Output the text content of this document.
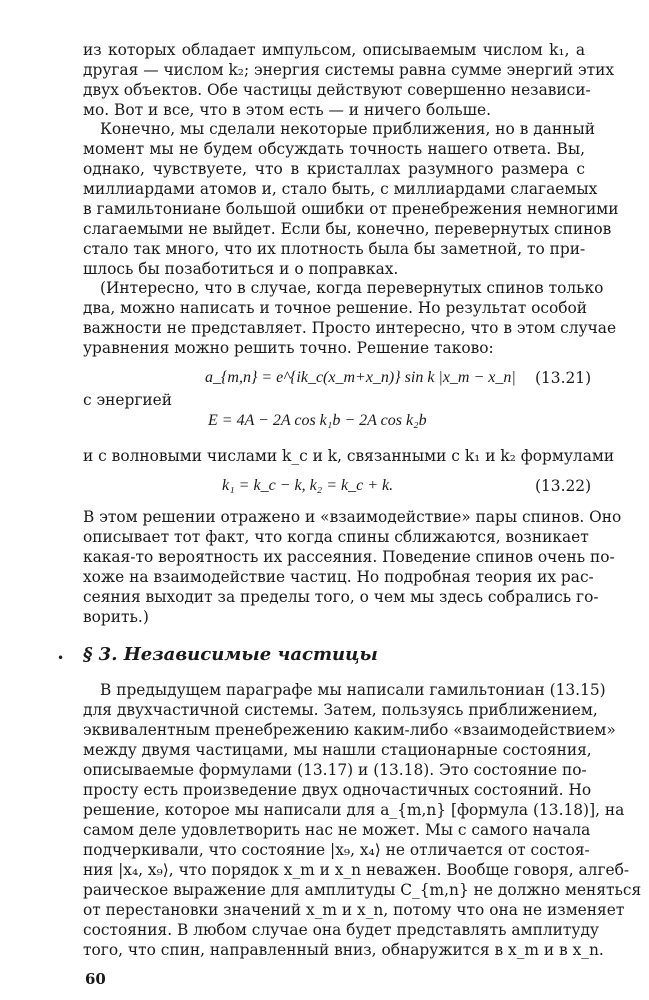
из которых обладает импульсом, описываемым числом k₁, а
другая — числом k₂; энергия системы равна сумме энергий этих
двух объектов. Обе частицы действуют совершенно независи-
мо. Вот и все, что в этом есть — и ничего больше.
Конечно, мы сделали некоторые приближения, но в данный
момент мы не будем обсуждать точность нашего ответа. Вы,
однако, чувствуете, что в кристаллах разумного размера с
миллиардами атомов и, стало быть, с миллиардами слагаемых
в гамильтониане большой ошибки от пренебрежения немногими
слагаемыми не выйдет. Если бы, конечно, перевернутых спинов
стало так много, что их плотность была бы заметной, то при-
шлось бы позаботиться и о поправках.
(Интересно, что в случае, когда перевернутых спинов только
два, можно написать и точное решение. Но результат особой
важности не представляет. Просто интересно, что в этом случае
уравнения можно решить точно. Решение таково:
a_{m,n} = e^{ik_c(x_m+x_n)} sin k |x_m − x_n| (13.21)
с энергией
E = 4A − 2A cos k₁b − 2A cos k₂b
и с волновыми числами k_c и k, связанными с k₁ и k₂ формулами
k₁ = k_c − k, k₂ = k_c + k.	(13.22)
В этом решении отражено и «взаимодействие» пары спинов. Оно
описывает тот факт, что когда спины сближаются, возникает
какая-то вероятность их рассеяния. Поведение спинов очень по-
хоже на взаимодействие частиц. Но подробная теория их рас-
сеяния выходит за пределы того, о чем мы здесь собрались го-
ворить.)
• § 3. Независимые частицы
В предыдущем параграфе мы написали гамильтониан (13.15)
для двухчастичной системы. Затем, пользуясь приближением,
эквивалентным пренебрежению каким-либо «взаимодействием»
между двумя частицами, мы нашли стационарные состояния,
описываемые формулами (13.17) и (13.18). Это состояние по-
просту есть произведение двух одночастичных состояний. Но
решение, которое мы написали для a_{m,n} [формула (13.18)], на
самом деле удовлетворить нас не может. Мы с самого начала
подчеркивали, что состояние |x₉, x₄⟩ не отличается от состоя-
ния |x₄, x₉⟩, что порядок x_m и x_n неважен. Вообще говоря, алгеб-
раическое выражение для амплитуды C_{m,n} не должно меняться
от перестановки значений x_m и x_n, потому что она не изменяет
состояния. В любом случае она будет представлять амплитуду
того, что спин, направленный вниз, обнаружится в x_m и в x_n.
60
